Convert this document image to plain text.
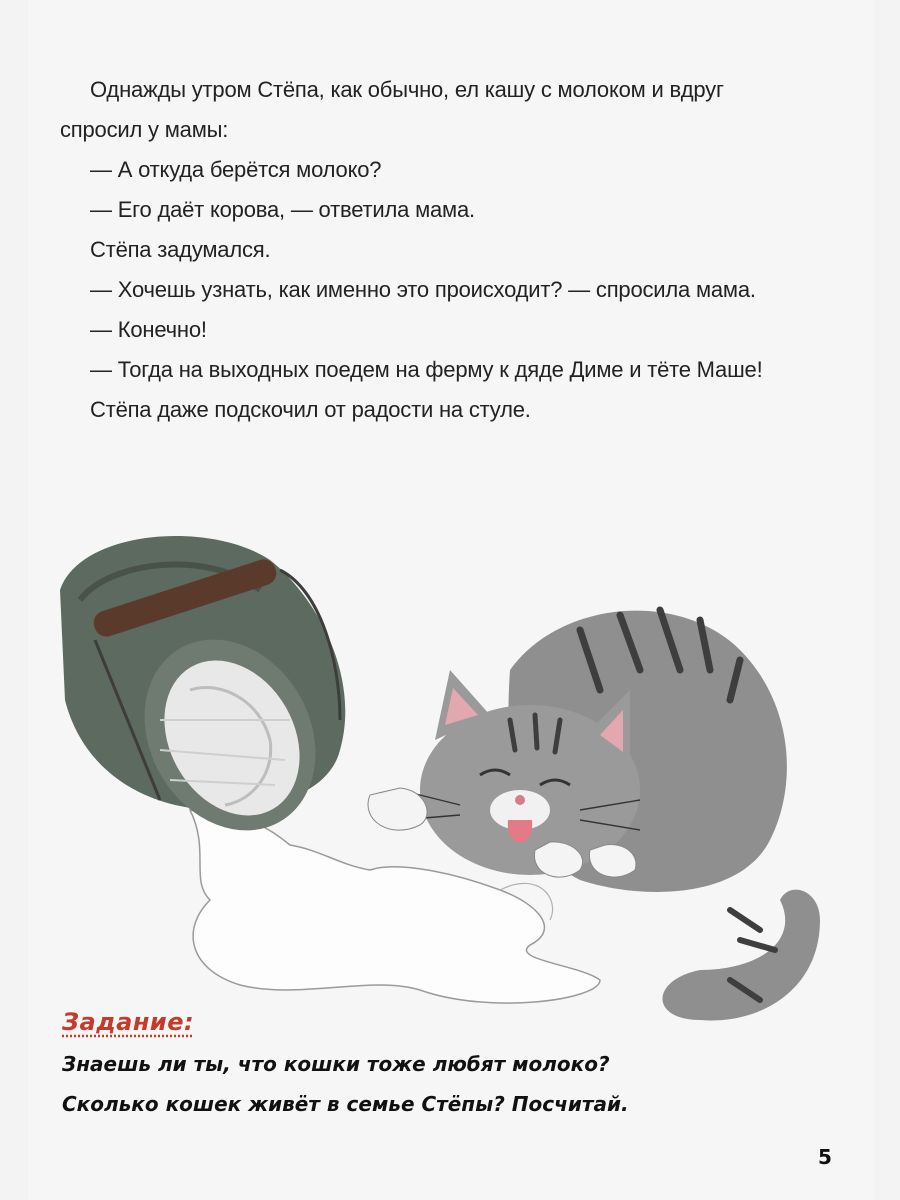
Однажды утром Стёпа, как обычно, ел кашу с молоком и вдруг спросил у мамы:

— А откуда берётся молоко?

— Его даёт корова, — ответила мама.

Стёпа задумался.

— Хочешь узнать, как именно это происходит? — спросила мама.

— Конечно!

— Тогда на выходных поедем на ферму к дяде Диме и тёте Маше!

Стёпа даже подскочил от радости на стуле.

Задание:

Знаешь ли ты, что кошки тоже любят молоко?

Сколько кошек живёт в семье Стёпы? Посчитай.

5
